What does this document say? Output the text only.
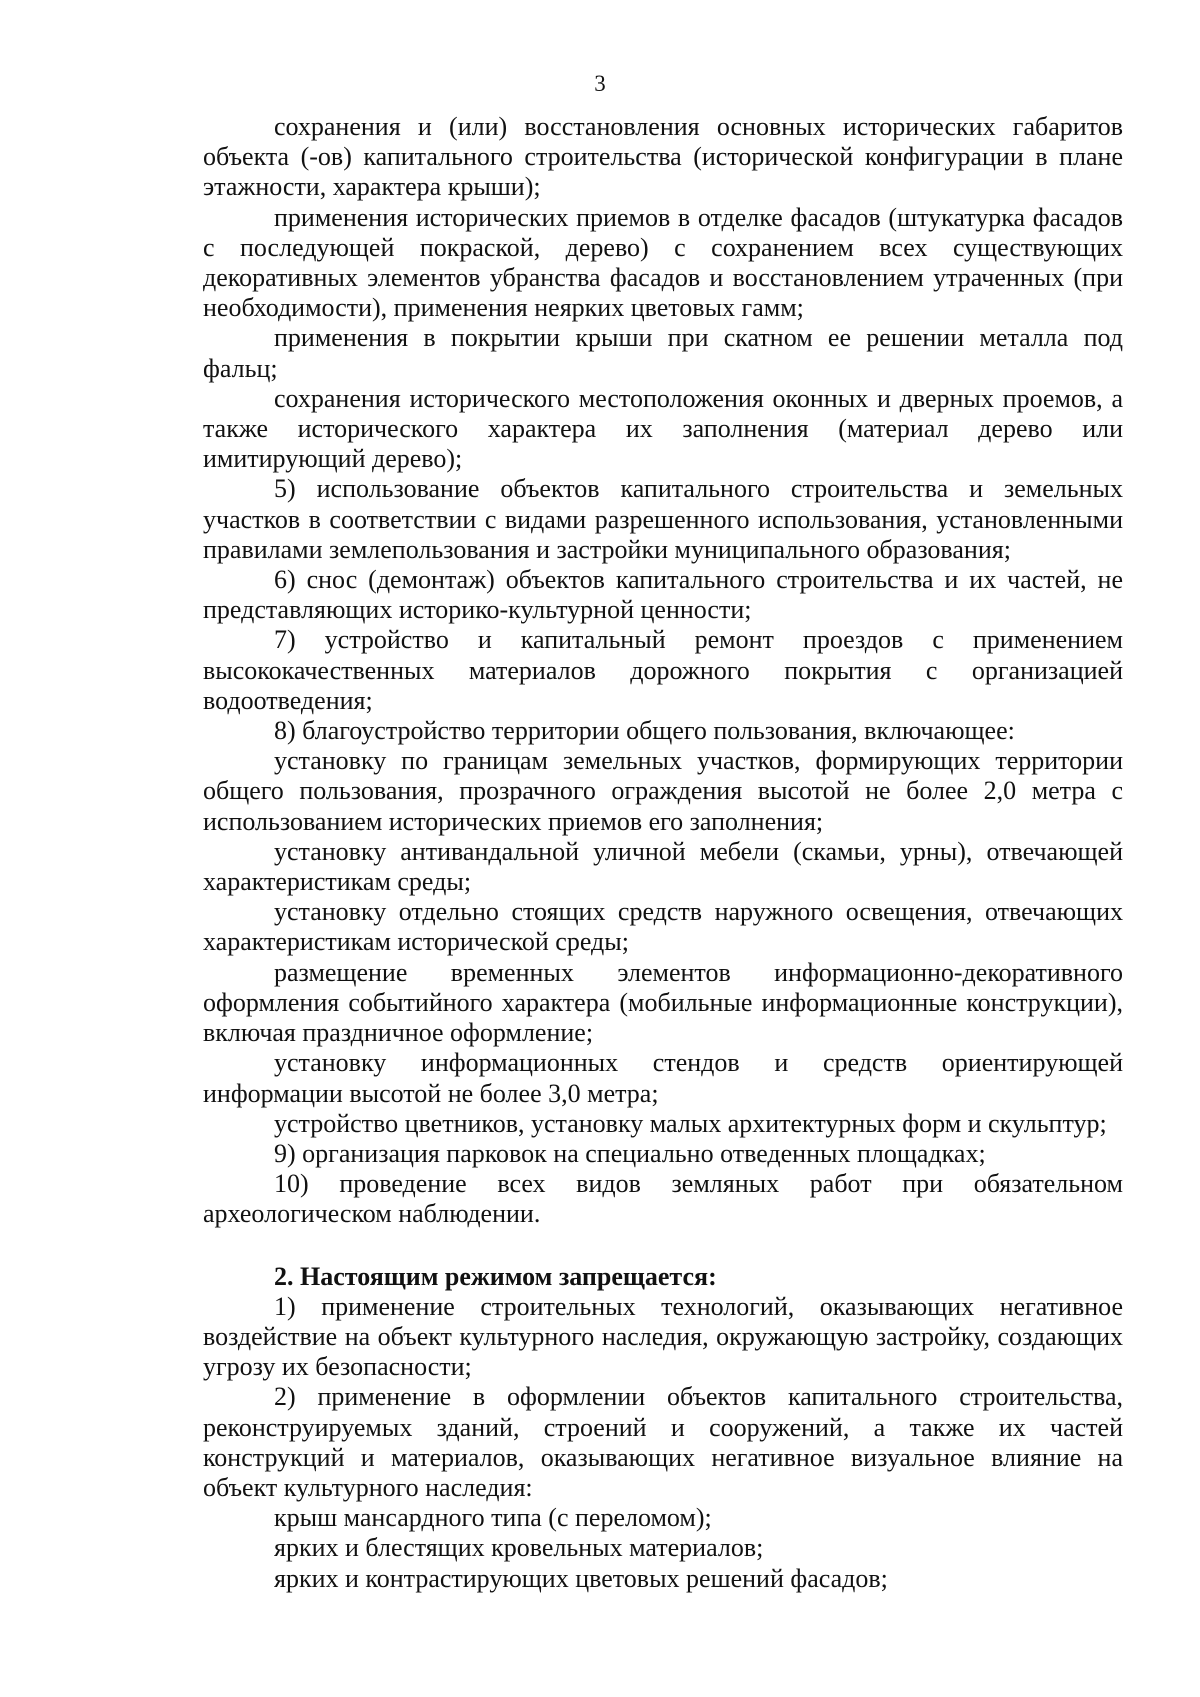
3

сохранения и (или) восстановления основных исторических габаритов объекта (-ов) капитального строительства (исторической конфигурации в плане этажности, характера крыши);

применения исторических приемов в отделке фасадов (штукатурка фасадов с последующей покраской, дерево) с сохранением всех существующих декоративных элементов убранства фасадов и восстановлением утраченных (при необходимости), применения неярких цветовых гамм;

применения в покрытии крыши при скатном ее решении металла под фальц;

сохранения исторического местоположения оконных и дверных проемов, а также исторического характера их заполнения (материал дерево или имитирующий дерево);

5) использование объектов капитального строительства и земельных участков в соответствии с видами разрешенного использования, установленными правилами землепользования и застройки муниципального образования;

6) снос (демонтаж) объектов капитального строительства и их частей, не представляющих историко-культурной ценности;

7) устройство и капитальный ремонт проездов с применением высококачественных материалов дорожного покрытия с организацией водоотведения;

8) благоустройство территории общего пользования, включающее:

установку по границам земельных участков, формирующих территории общего пользования, прозрачного ограждения высотой не более 2,0 метра с использованием исторических приемов его заполнения;

установку антивандальной уличной мебели (скамьи, урны), отвечающей характеристикам среды;

установку отдельно стоящих средств наружного освещения, отвечающих характеристикам исторической среды;

размещение временных элементов информационно-декоративного оформления событийного характера (мобильные информационные конструкции), включая праздничное оформление;

установку информационных стендов и средств ориентирующей информации высотой не более 3,0 метра;

устройство цветников, установку малых архитектурных форм и скульптур;

9) организация парковок на специально отведенных площадках;

10) проведение всех видов земляных работ при обязательном археологическом наблюдении.

2. Настоящим режимом запрещается:

1) применение строительных технологий, оказывающих негативное воздействие на объект культурного наследия, окружающую застройку, создающих угрозу их безопасности;

2) применение в оформлении объектов капитального строительства, реконструируемых зданий, строений и сооружений, а также их частей конструкций и материалов, оказывающих негативное визуальное влияние на объект культурного наследия:

крыш мансардного типа (с переломом);

ярких и блестящих кровельных материалов;

ярких и контрастирующих цветовых решений фасадов;
